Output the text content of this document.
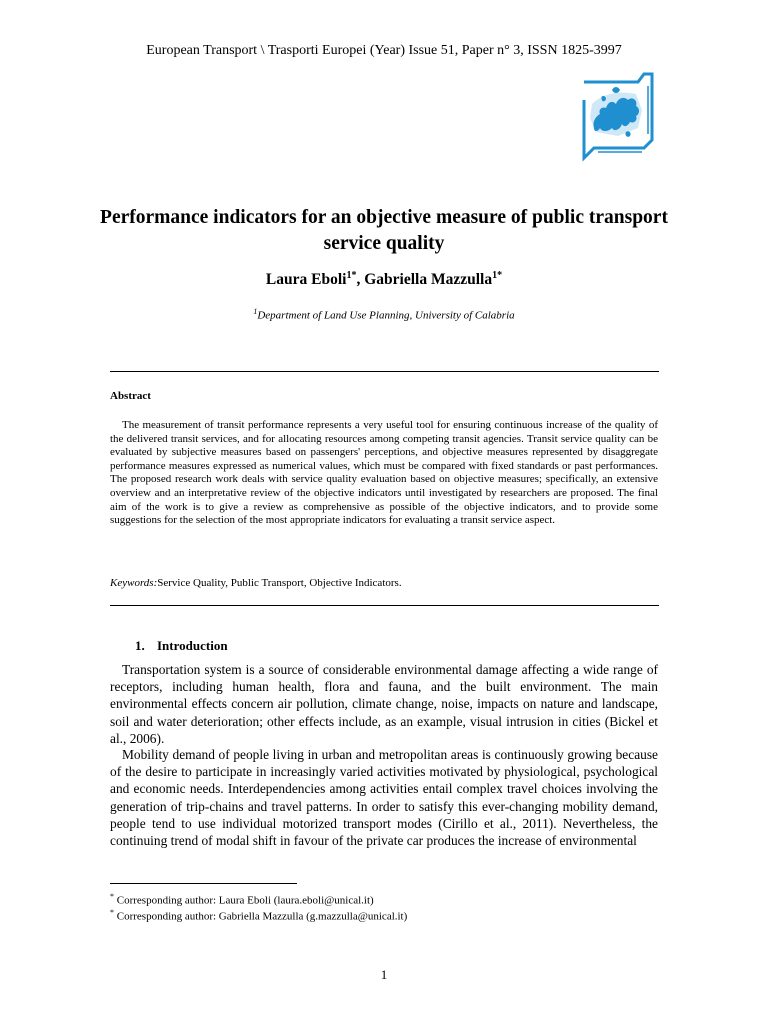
European Transport \ Trasporti Europei (Year) Issue 51, Paper n° 3, ISSN 1825-3997
Performance indicators for an objective measure of public transport service quality
Laura Eboli$^{1*}$, Gabriella Mazzulla$^{1*}$
$^1$Department of Land Use Planning, University of Calabria
Abstract

The measurement of transit performance represents a very useful tool for ensuring continuous increase of the quality of the delivered transit services, and for allocating resources among competing transit agencies. Transit service quality can be evaluated by subjective measures based on passengers' perceptions, and objective measures represented by disaggregate performance measures expressed as numerical values, which must be compared with fixed standards or past performances. The proposed research work deals with service quality evaluation based on objective measures; specifically, an extensive overview and an interpretative review of the objective indicators until investigated by researchers are proposed. The final aim of the work is to give a review as comprehensive as possible of the objective indicators, and to provide some suggestions for the selection of the most appropriate indicators for evaluating a transit service aspect.

Keywords:Service Quality, Public Transport, Objective Indicators.
1. Introduction

Transportation system is a source of considerable environmental damage affecting a wide range of receptors, including human health, flora and fauna, and the built environment. The main environmental effects concern air pollution, climate change, noise, impacts on nature and landscape, soil and water deterioration; other effects include, as an example, visual intrusion in cities (Bickel et al., 2006).

Mobility demand of people living in urban and metropolitan areas is continuously growing because of the desire to participate in increasingly varied activities motivated by physiological, psychological and economic needs. Interdependencies among activities entail complex travel choices involving the generation of trip-chains and travel patterns. In order to satisfy this ever-changing mobility demand, people tend to use individual motorized transport modes (Cirillo et al., 2011). Nevertheless, the continuing trend of modal shift in favour of the private car produces the increase of environmental

* Corresponding author: Laura Eboli (laura.eboli@unical.it)
* Corresponding author: Gabriella Mazzulla (g.mazzulla@unical.it)
1
